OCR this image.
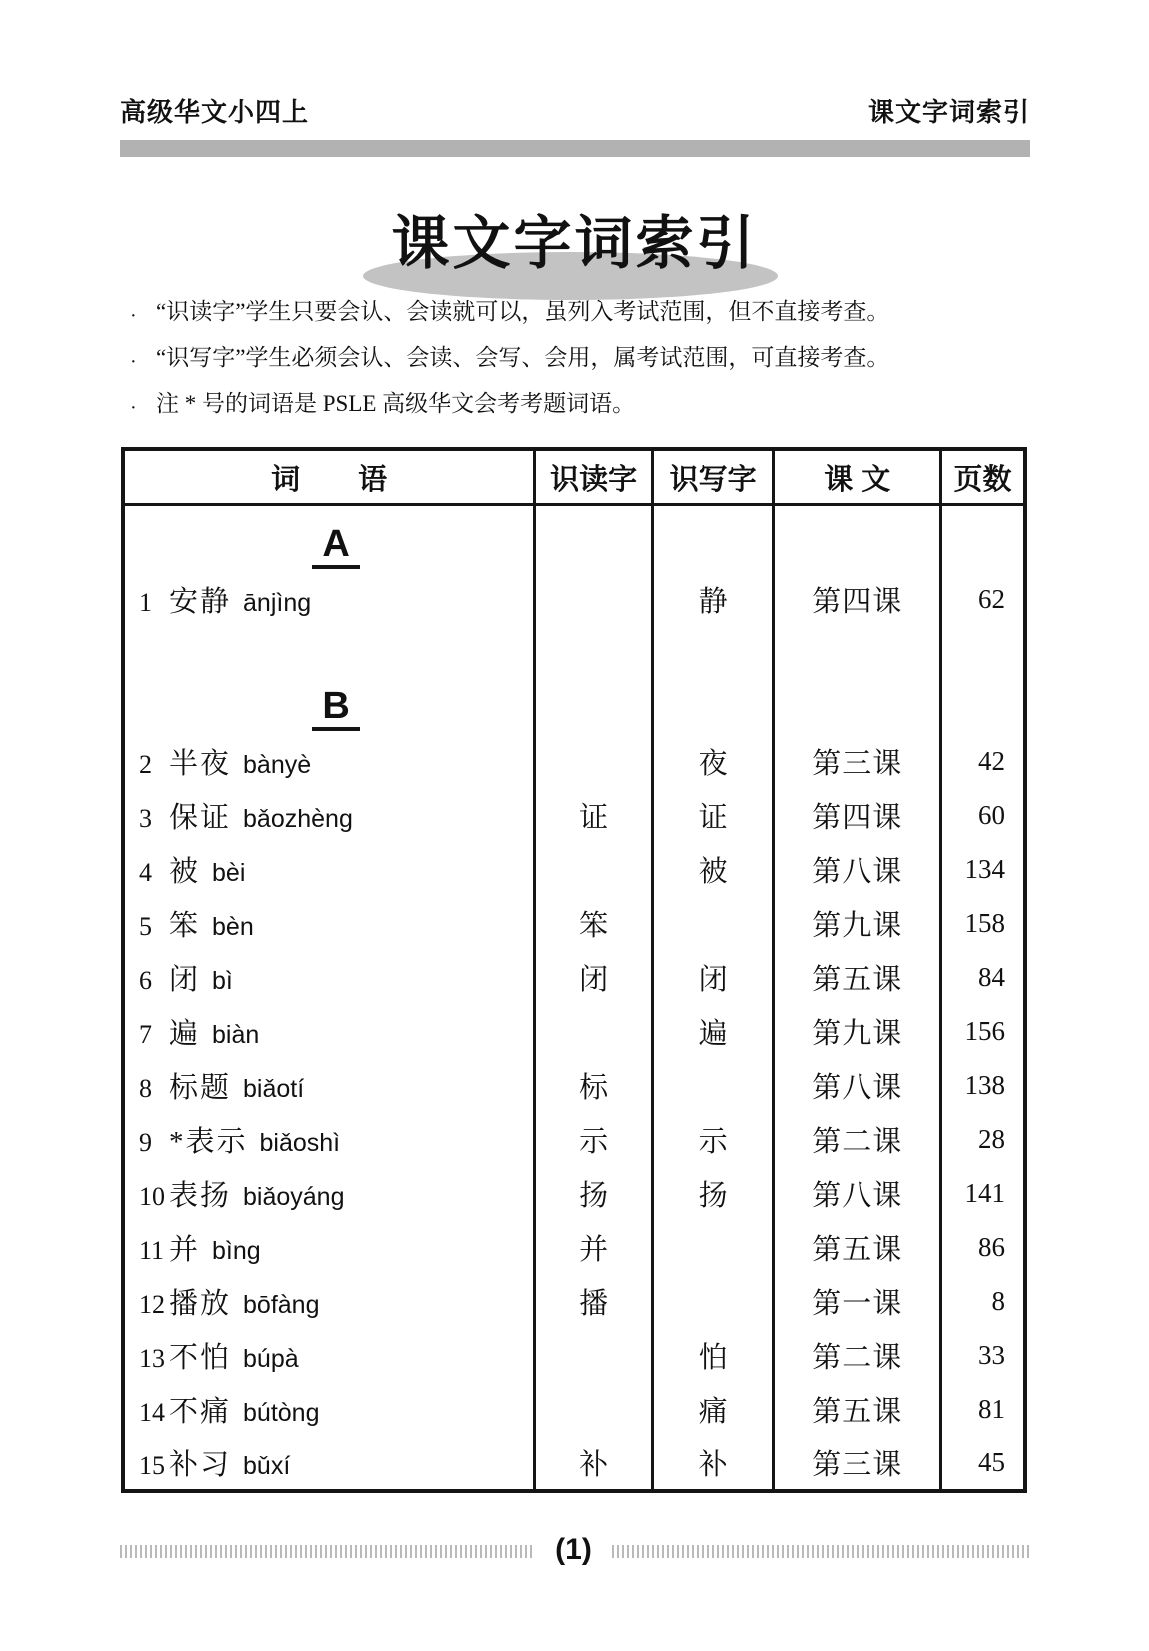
高级华文小四上	课文字词索引
课文字词索引
· “识读字”学生只要会认、会读就可以，虽列入考试范围，但不直接考查。
· “识写字”学生必须会认、会读、会写、会用，属考试范围，可直接考查。
· 注 * 号的词语是 PSLE 高级华文会考考题词语。
词　　语	识读字	识写字	课 文	页数

A				

1 安静 ānjìng		静	第四课	62

B				

2 半夜 bànyè		夜	第三课	42
3 保证 bǎozhèng	证	证	第四课	60
4 被 bèi		被	第八课	134
5 笨 bèn	笨		第九课	158
6 闭 bì	闭	闭	第五课	84
7 遍 biàn		遍	第九课	156
8 标题 biǎotí	标		第八课	138
9 *表示 biǎoshì	示	示	第二课	28
10 表扬 biǎoyáng	扬	扬	第八课	141
11 并 bìng	并		第五课	86
12 播放 bōfàng	播		第一课	8
13 不怕 búpà		怕	第二课	33
14 不痛 bútòng		痛	第五课	81
15 补习 bǔxí	补	补	第三课	45
(1)
